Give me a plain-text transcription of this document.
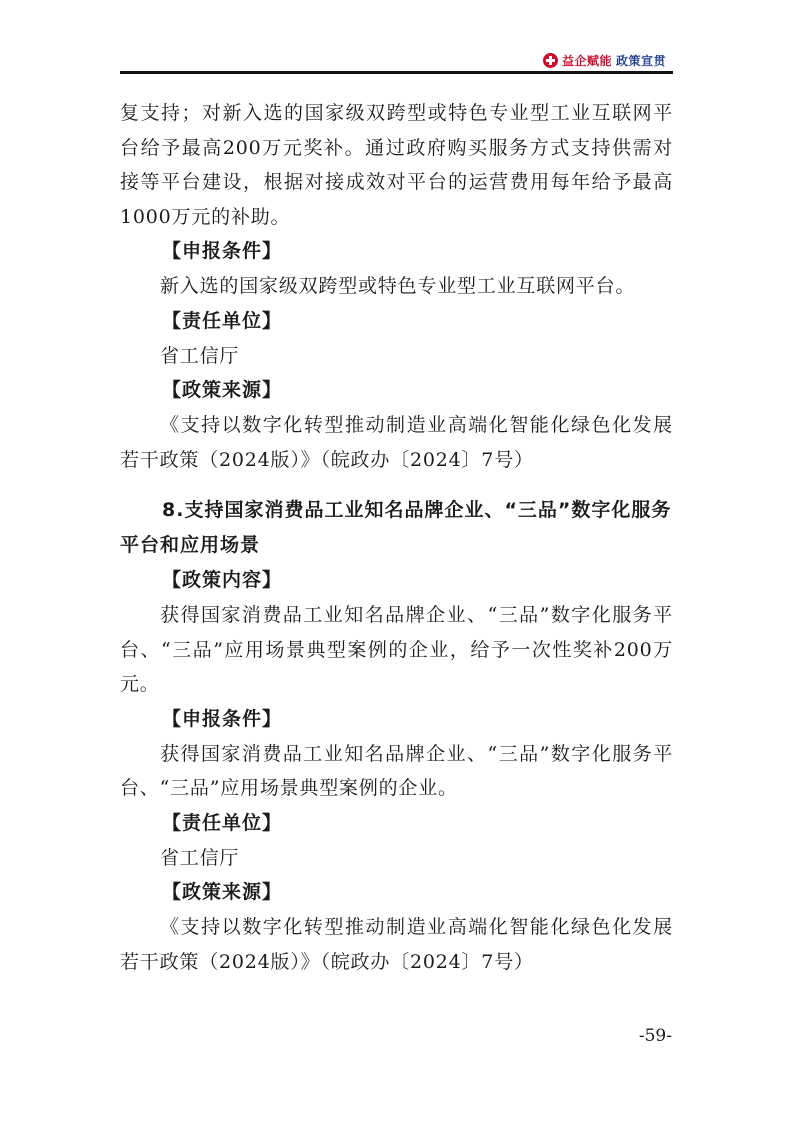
益企赋能 政策宣贯

复支持；对新入选的国家级双跨型或特色专业型工业互联网平台给予最高200万元奖补。通过政府购买服务方式支持供需对接等平台建设，根据对接成效对平台的运营费用每年给予最高1000万元的补助。

【申报条件】

新入选的国家级双跨型或特色专业型工业互联网平台。

【责任单位】

省工信厅

【政策来源】

《支持以数字化转型推动制造业高端化智能化绿色化发展若干政策（2024版）》（皖政办〔2024〕7号）

8.支持国家消费品工业知名品牌企业、“三品”数字化服务平台和应用场景

【政策内容】

获得国家消费品工业知名品牌企业、“三品”数字化服务平台、“三品”应用场景典型案例的企业，给予一次性奖补200万元。

【申报条件】

获得国家消费品工业知名品牌企业、“三品”数字化服务平台、“三品”应用场景典型案例的企业。

【责任单位】

省工信厅

【政策来源】

《支持以数字化转型推动制造业高端化智能化绿色化发展若干政策（2024版）》（皖政办〔2024〕7号）

-59-
